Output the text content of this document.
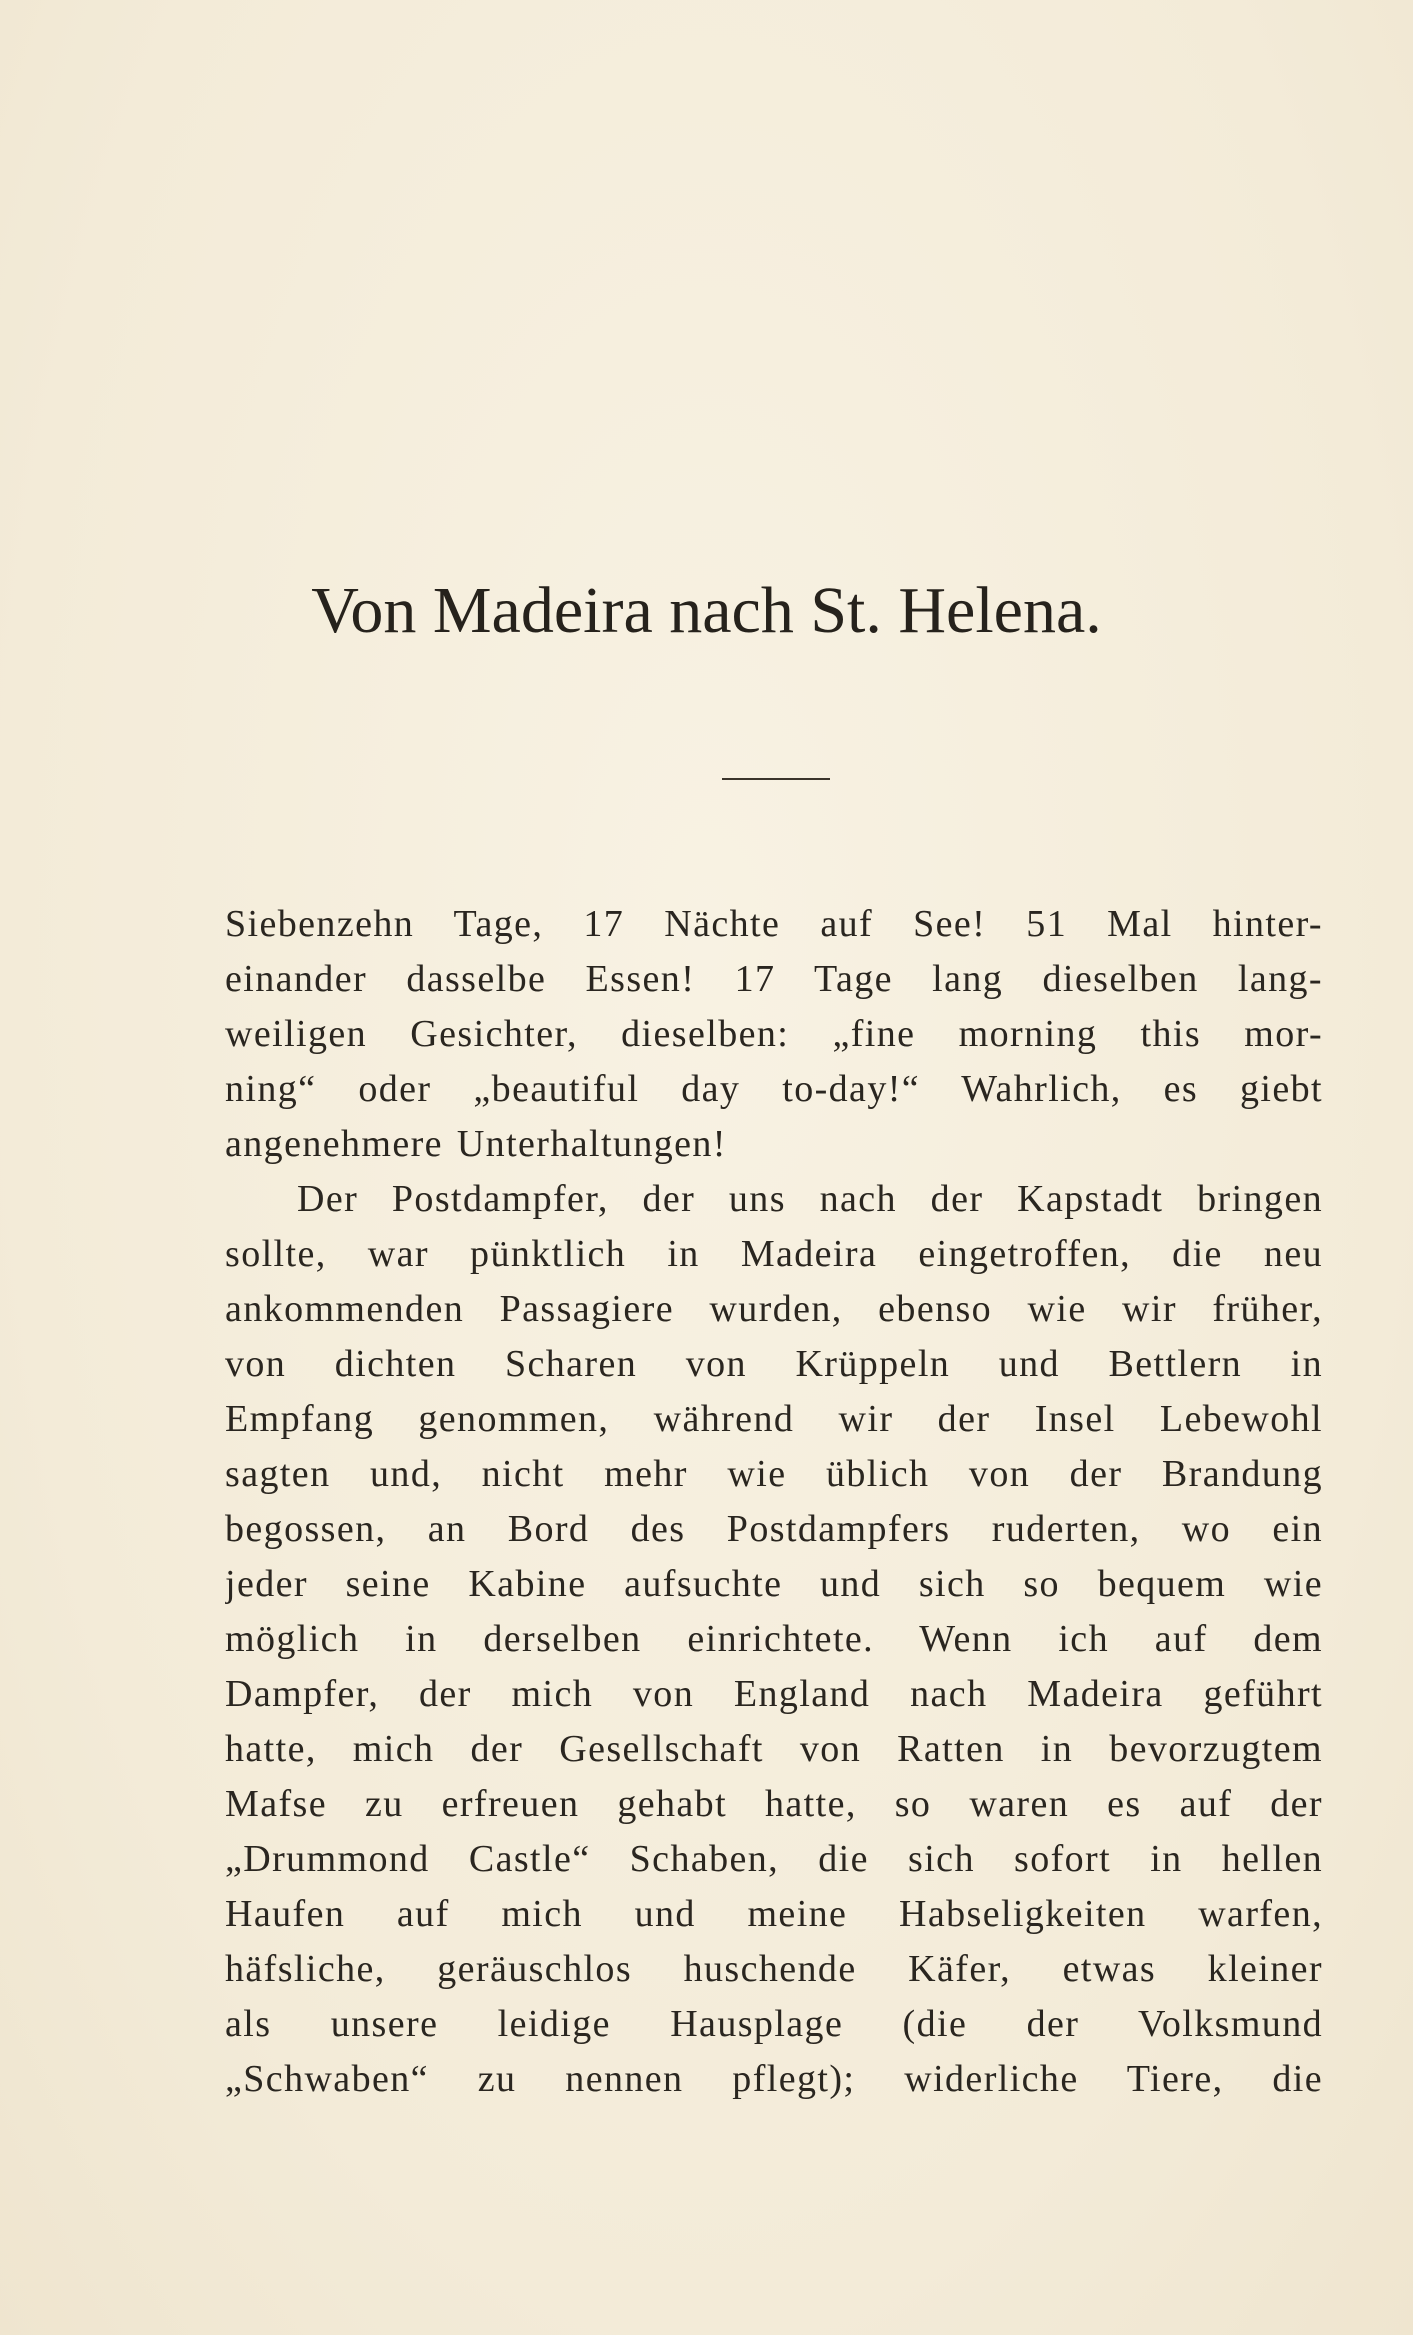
Von Madeira nach St. Helena.
Siebenzehn Tage, 17 Nächte auf See! 51 Mal hinter-
einander dasselbe Essen! 17 Tage lang dieselben lang-
weiligen Gesichter, dieselben: „fine morning this mor-
ning“ oder „beautiful day to-day!“ Wahrlich, es giebt
angenehmere Unterhaltungen!
Der Postdampfer, der uns nach der Kapstadt bringen
sollte, war pünktlich in Madeira eingetroffen, die neu
ankommenden Passagiere wurden, ebenso wie wir früher,
von dichten Scharen von Krüppeln und Bettlern in
Empfang genommen, während wir der Insel Lebewohl
sagten und, nicht mehr wie üblich von der Brandung
begossen, an Bord des Postdampfers ruderten, wo ein
jeder seine Kabine aufsuchte und sich so bequem wie
möglich in derselben einrichtete. Wenn ich auf dem
Dampfer, der mich von England nach Madeira geführt
hatte, mich der Gesellschaft von Ratten in bevorzugtem
Mafse zu erfreuen gehabt hatte, so waren es auf der
„Drummond Castle“ Schaben, die sich sofort in hellen
Haufen auf mich und meine Habseligkeiten warfen,
häfsliche, geräuschlos huschende Käfer, etwas kleiner
als unsere leidige Hausplage (die der Volksmund
„Schwaben“ zu nennen pflegt); widerliche Tiere, die
